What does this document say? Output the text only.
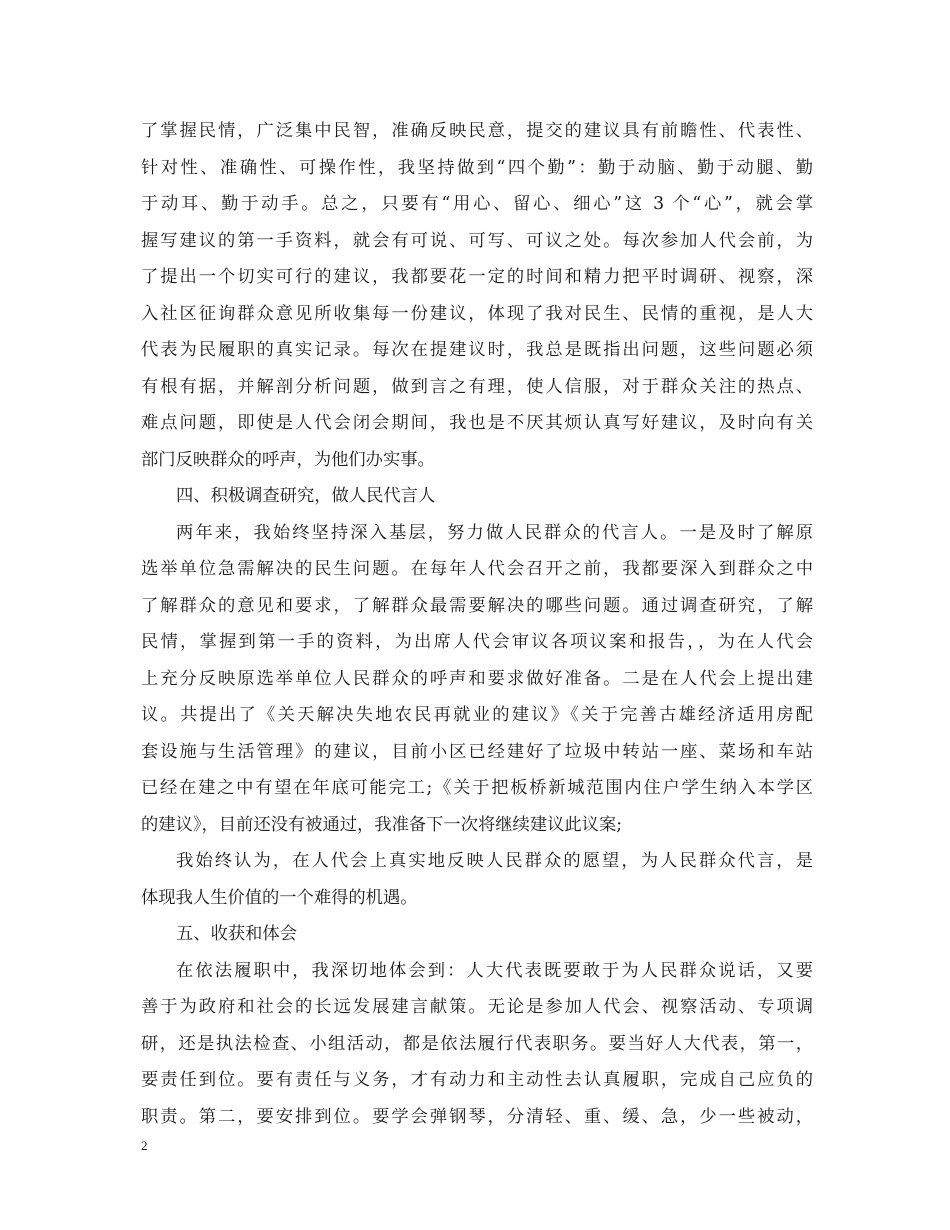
了掌握民情，广泛集中民智，准确反映民意，提交的建议具有前瞻性、代表性、
针对性、准确性、可操作性，我坚持做到“四个勤”：勤于动脑、勤于动腿、勤
于动耳、勤于动手。总之，只要有“用心、留心、细心”这 3 个“心”，就会掌
握写建议的第一手资料，就会有可说、可写、可议之处。每次参加人代会前，为
了提出一个切实可行的建议，我都要花一定的时间和精力把平时调研、视察，深
入社区征询群众意见所收集每一份建议，体现了我对民生、民情的重视，是人大
代表为民履职的真实记录。每次在提建议时，我总是既指出问题，这些问题必须
有根有据，并解剖分析问题，做到言之有理，使人信服，对于群众关注的热点、
难点问题，即使是人代会闭会期间，我也是不厌其烦认真写好建议，及时向有关
部门反映群众的呼声，为他们办实事。
四、积极调查研究，做人民代言人
两年来，我始终坚持深入基层，努力做人民群众的代言人。一是及时了解原
选举单位急需解决的民生问题。在每年人代会召开之前，我都要深入到群众之中
了解群众的意见和要求，了解群众最需要解决的哪些问题。通过调查研究，了解
民情，掌握到第一手的资料，为出席人代会审议各项议案和报告，，为在人代会
上充分反映原选举单位人民群众的呼声和要求做好准备。二是在人代会上提出建
议。共提出了《关天解决失地农民再就业的建议》《关于完善古雄经济适用房配
套设施与生活管理》的建议，目前小区已经建好了垃圾中转站一座、菜场和车站
已经在建之中有望在年底可能完工;《关于把板桥新城范围内住户学生纳入本学区
的建议》，目前还没有被通过，我准备下一次将继续建议此议案;
我始终认为，在人代会上真实地反映人民群众的愿望，为人民群众代言，是
体现我人生价值的一个难得的机遇。
五、收获和体会
在依法履职中，我深切地体会到：人大代表既要敢于为人民群众说话，又要
善于为政府和社会的长远发展建言献策。无论是参加人代会、视察活动、专项调
研，还是执法检查、小组活动，都是依法履行代表职务。要当好人大代表，第一，
要责任到位。要有责任与义务，才有动力和主动性去认真履职，完成自己应负的
职责。第二，要安排到位。要学会弹钢琴，分清轻、重、缓、急，少一些被动，
2
